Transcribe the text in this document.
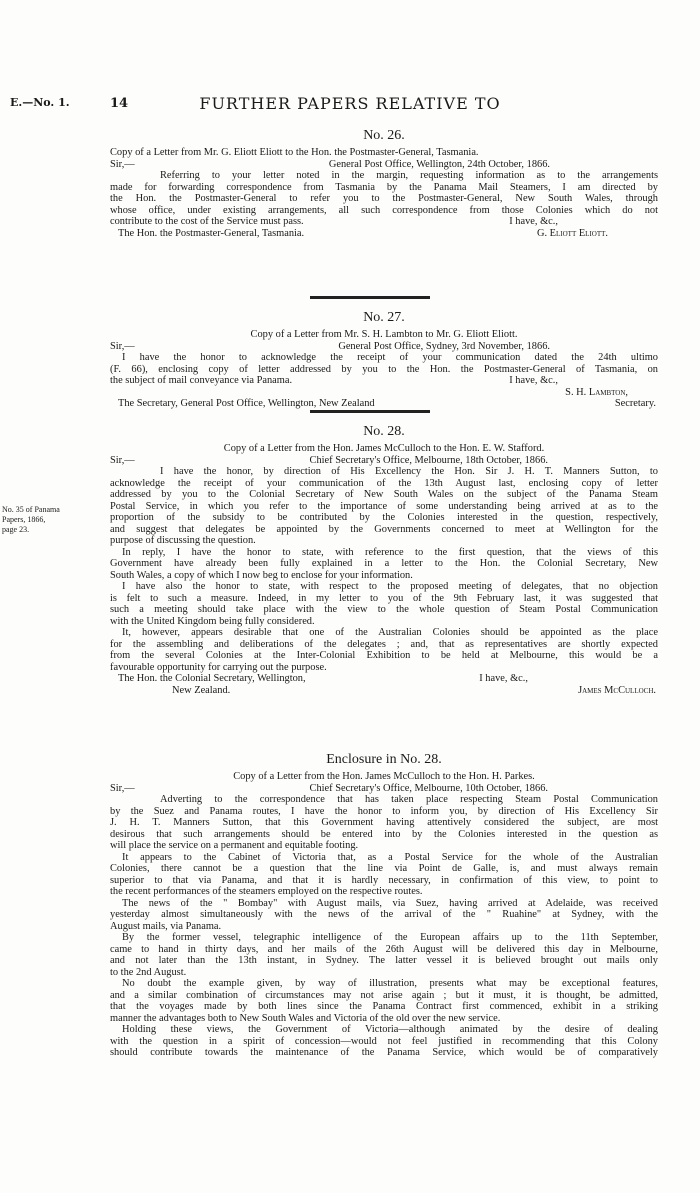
E.—No. 1.	14	FURTHER PAPERS RELATIVE TO
No. 26.
Copy of a Letter from Mr. G. Eliott Eliott to the Hon. the Postmaster-General, Tasmania.
Sir,—	General Post Office, Wellington, 24th October, 1866.
Referring to your letter noted in the margin, requesting information as to the arrangements
made for forwarding correspondence from Tasmania by the Panama Mail Steamers, I am directed by
the Hon. the Postmaster-General to refer you to the Postmaster-General, New South Wales, through
whose office, under existing arrangements, all such correspondence from those Colonies which do not
contribute to the cost of the Service must pass.	I have, &c.,
The Hon. the Postmaster-General, Tasmania.	G. Eliott Eliott.
No. 27.
Copy of a Letter from Mr. S. H. Lambton to Mr. G. Eliott Eliott.
Sir,—	General Post Office, Sydney, 3rd November, 1866.
I have the honor to acknowledge the receipt of your communication dated the 24th ultimo
(F. 66), enclosing copy of letter addressed by you to the Hon. the Postmaster-General of Tasmania, on
the subject of mail conveyance via Panama.	I have, &c.,
S. H. Lambton,
The Secretary, General Post Office, Wellington, New Zealand	Secretary.
No. 35 of Panama
Papers, 1866,
page 23.
No. 28.
Copy of a Letter from the Hon. James McCulloch to the Hon. E. W. Stafford.
Sir,—	Chief Secretary's Office, Melbourne, 18th October, 1866.
I have the honor, by direction of His Excellency the Hon. Sir J. H. T. Manners Sutton, to
acknowledge the receipt of your communication of the 13th August last, enclosing copy of letter
addressed by you to the Colonial Secretary of New South Wales on the subject of the Panama Steam
Postal Service, in which you refer to the importance of some understanding being arrived at as to the
proportion of the subsidy to be contributed by the Colonies interested in the question, respectively,
and suggest that delegates be appointed by the Governments concerned to meet at Wellington for the
purpose of discussing the question.
In reply, I have the honor to state, with reference to the first question, that the views of this
Government have already been fully explained in a letter to the Hon. the Colonial Secretary, New
South Wales, a copy of which I now beg to enclose for your information.
I have also the honor to state, with respect to the proposed meeting of delegates, that no objection
is felt to such a measure. Indeed, in my letter to you of the 9th February last, it was suggested that
such a meeting should take place with the view to the whole question of Steam Postal Communication
with the United Kingdom being fully considered.
It, however, appears desirable that one of the Australian Colonies should be appointed as the place
for the assembling and deliberations of the delegates ; and, that as representatives are shortly expected
from the several Colonies at the Inter-Colonial Exhibition to be held at Melbourne, this would be a
favourable opportunity for carrying out the purpose.
The Hon. the Colonial Secretary, Wellington,	I have, &c.,
New Zealand.	James McCulloch.
Enclosure in No. 28.
Copy of a Letter from the Hon. James McCulloch to the Hon. H. Parkes.
Sir,—	Chief Secretary's Office, Melbourne, 10th October, 1866.
Adverting to the correspondence that has taken place respecting Steam Postal Communication
by the Suez and Panama routes, I have the honor to inform you, by direction of His Excellency Sir
J. H. T. Manners Sutton, that this Government having attentively considered the subject, are most
desirous that such arrangements should be entered into by the Colonies interested in the question as
will place the service on a permanent and equitable footing.
It appears to the Cabinet of Victoria that, as a Postal Service for the whole of the Australian
Colonies, there cannot be a question that the line via Point de Galle, is, and must always remain
superior to that via Panama, and that it is hardly necessary, in confirmation of this view, to point to
the recent performances of the steamers employed on the respective routes.
The news of the " Bombay" with August mails, via Suez, having arrived at Adelaide, was received
yesterday almost simultaneously with the news of the arrival of the " Ruahine" at Sydney, with the
August mails, via Panama.
By the former vessel, telegraphic intelligence of the European affairs up to the 11th September,
came to hand in thirty days, and her mails of the 26th August will be delivered this day in Melbourne,
and not later than the 13th instant, in Sydney. The latter vessel it is believed brought out mails only
to the 2nd August.
No doubt the example given, by way of illustration, presents what may be exceptional features,
and a similar combination of circumstances may not arise again ; but it must, it is thought, be admitted,
that the voyages made by both lines since the Panama Contract first commenced, exhibit in a striking
manner the advantages both to New South Wales and Victoria of the old over the new service.
Holding these views, the Government of Victoria—although animated by the desire of dealing
with the question in a spirit of concession—would not feel justified in recommending that this Colony
should contribute towards the maintenance of the Panama Service, which would be of comparatively
